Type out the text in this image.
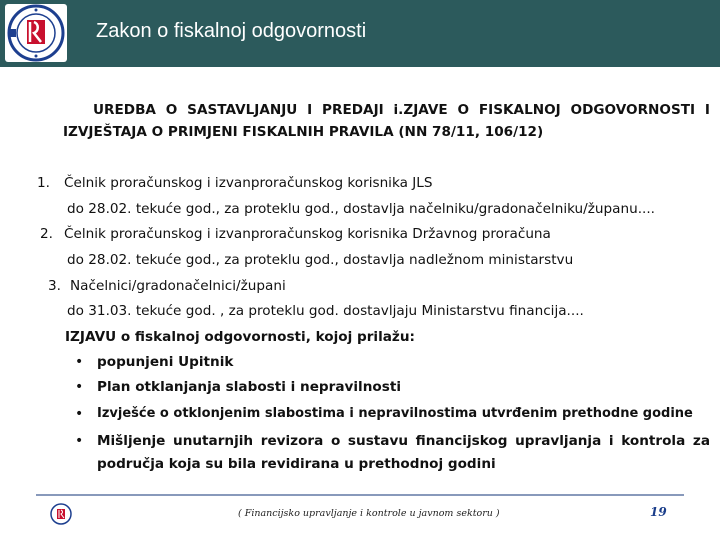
Zakon o fiskalnoj odgovornosti
UREDBA O SASTAVLJANJU I PREDAJI i.ZJAVE O FISKALNOJ ODGOVORNOSTI I
IZVJEŠTAJA O PRIMJENI FISKALNIH PRAVILA (NN 78/11, 106/12)
1. Čelnik proračunskog i izvanproračunskog korisnika JLS
do 28.02. tekuće god., za proteklu god., dostavlja načelniku/gradonačelniku/županu....
2. Čelnik proračunskog i izvanproračunskog korisnika Državnog proračuna
do 28.02. tekuće god., za proteklu god., dostavlja nadležnom ministarstvu
3. Načelnici/gradonačelnici/župani
do 31.03. tekuće god. , za proteklu god. dostavljaju Ministarstvu financija....
IZJAVU o fiskalnoj odgovornosti, kojoj prilažu:
• popunjeni Upitnik
• Plan otklanjanja slabosti i nepravilnosti
• Izvješće o otklonjenim slabostima i nepravilnostima utvrđenim prethodne godine
• Mišljenje unutarnjih revizora o sustavu financijskog upravljanja i kontrola za
područja koja su bila revidirana u prethodnoj godini
( Financijsko upravljanje i kontrole u javnom sektoru )	19
